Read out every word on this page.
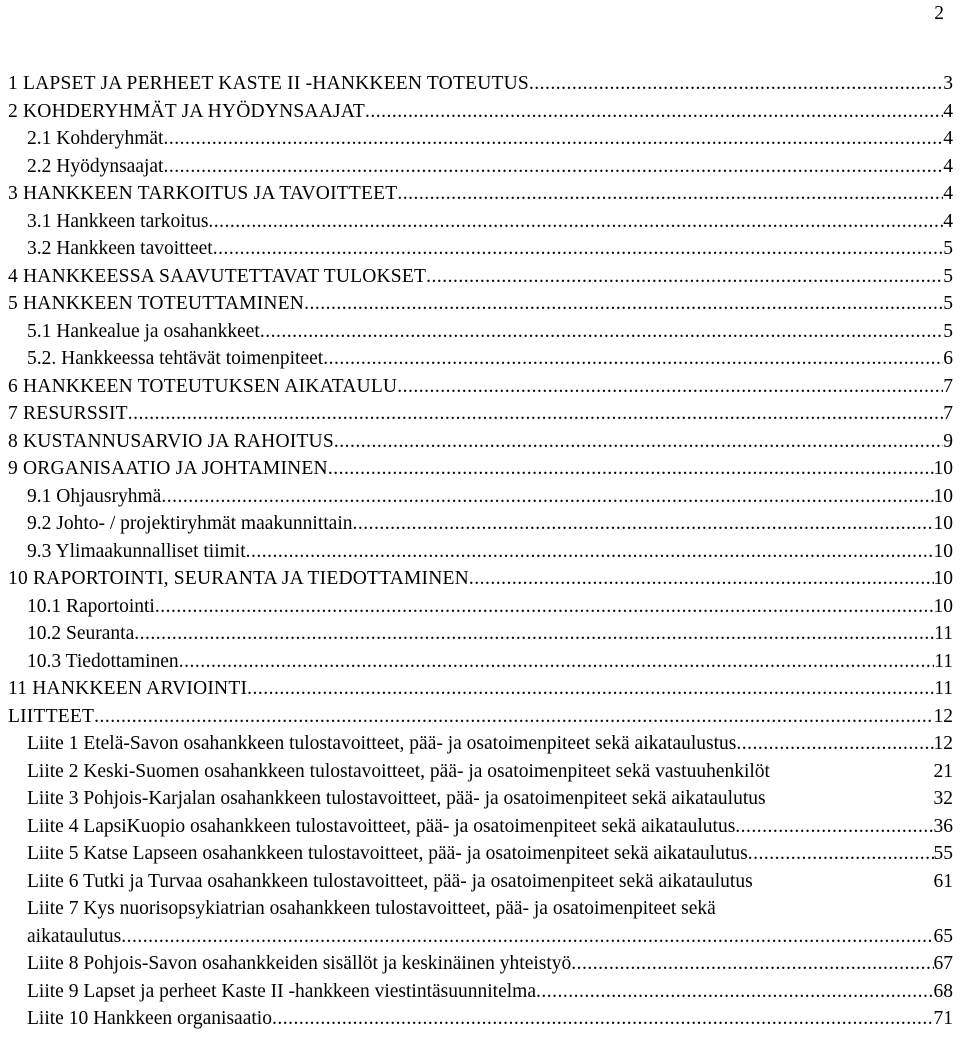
2
1 LAPSET JA PERHEET KASTE II -HANKKEEN TOTEUTUS .....	3
2 KOHDERYHMÄT JA HYÖDYNSAAJAT .....	4
2.1 Kohderyhmät .....	4
2.2 Hyödynsaajat .....	4
3 HANKKEEN TARKOITUS JA TAVOITTEET .....	4
3.1 Hankkeen tarkoitus .....	4
3.2 Hankkeen tavoitteet .....	5
4 HANKKEESSA SAAVUTETTAVAT TULOKSET .....	5
5 HANKKEEN TOTEUTTAMINEN .....	5
5.1 Hankealue ja osahankkeet .....	5
5.2. Hankkeessa tehtävät toimenpiteet .....	6
6 HANKKEEN TOTEUTUKSEN AIKATAULU .....	7
7 RESURSSIT .....	7
8 KUSTANNUSARVIO JA RAHOITUS .....	9
9 ORGANISAATIO JA JOHTAMINEN .....	10
9.1 Ohjausryhmä .....	10
9.2 Johto- / projektiryhmät maakunnittain .....	10
9.3 Ylimaakunnalliset tiimit .....	10
10 RAPORTOINTI, SEURANTA JA TIEDOTTAMINEN .....	10
10.1 Raportointi .....	10
10.2 Seuranta .....	11
10.3 Tiedottaminen .....	11
11 HANKKEEN ARVIOINTI .....	11
LIITTEET .....	12
Liite 1 Etelä-Savon osahankkeen tulostavoitteet, pää- ja osatoimenpiteet sekä aikataulustus .....	12
Liite 2 Keski-Suomen osahankkeen tulostavoitteet, pää- ja osatoimenpiteet sekä vastuuhenkilöt	21
Liite 3 Pohjois-Karjalan osahankkeen tulostavoitteet, pää- ja osatoimenpiteet sekä aikataulutus	32
Liite 4 LapsiKuopio osahankkeen tulostavoitteet, pää- ja osatoimenpiteet sekä aikataulutus .....	36
Liite 5 Katse Lapseen osahankkeen tulostavoitteet, pää- ja osatoimenpiteet sekä aikataulutus .....	55
Liite 6 Tutki ja Turvaa osahankkeen tulostavoitteet, pää- ja osatoimenpiteet sekä aikataulutus	61
Liite 7 Kys nuorisopsykiatrian osahankkeen tulostavoitteet, pää- ja osatoimenpiteet sekä
aikataulutus .....	65
Liite 8 Pohjois-Savon osahankkeiden sisällöt ja keskinäinen yhteistyö .....	67
Liite 9 Lapset ja perheet Kaste II -hankkeen viestintäsuunnitelma .....	68
Liite 10 Hankkeen organisaatio .....	71
